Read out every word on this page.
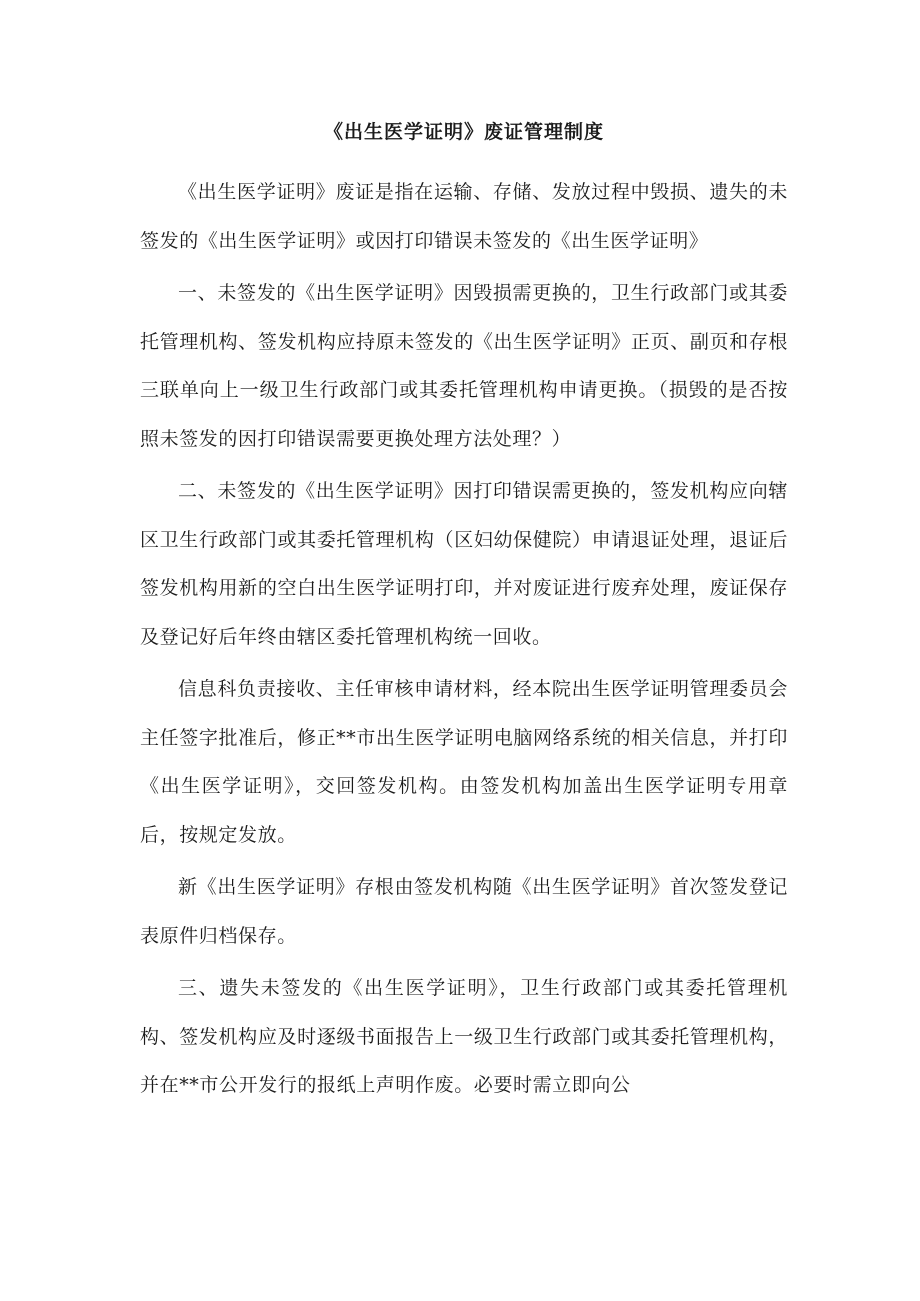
《出生医学证明》废证管理制度

《出生医学证明》废证是指在运输、存储、发放过程中毁损、遗失的未签发的《出生医学证明》或因打印错误未签发的《出生医学证明》

一、未签发的《出生医学证明》因毁损需更换的，卫生行政部门或其委托管理机构、签发机构应持原未签发的《出生医学证明》正页、副页和存根三联单向上一级卫生行政部门或其委托管理机构申请更换。（损毁的是否按照未签发的因打印错误需要更换处理方法处理？）

二、未签发的《出生医学证明》因打印错误需更换的，签发机构应向辖区卫生行政部门或其委托管理机构（区妇幼保健院）申请退证处理，退证后签发机构用新的空白出生医学证明打印，并对废证进行废弃处理，废证保存及登记好后年终由辖区委托管理机构统一回收。

信息科负责接收、主任审核申请材料，经本院出生医学证明管理委员会主任签字批准后，修正**市出生医学证明电脑网络系统的相关信息，并打印《出生医学证明》，交回签发机构。由签发机构加盖出生医学证明专用章后，按规定发放。

新《出生医学证明》存根由签发机构随《出生医学证明》首次签发登记表原件归档保存。

三、遗失未签发的《出生医学证明》，卫生行政部门或其委托管理机构、签发机构应及时逐级书面报告上一级卫生行政部门或其委托管理机构，并在**市公开发行的报纸上声明作废。必要时需立即向公
